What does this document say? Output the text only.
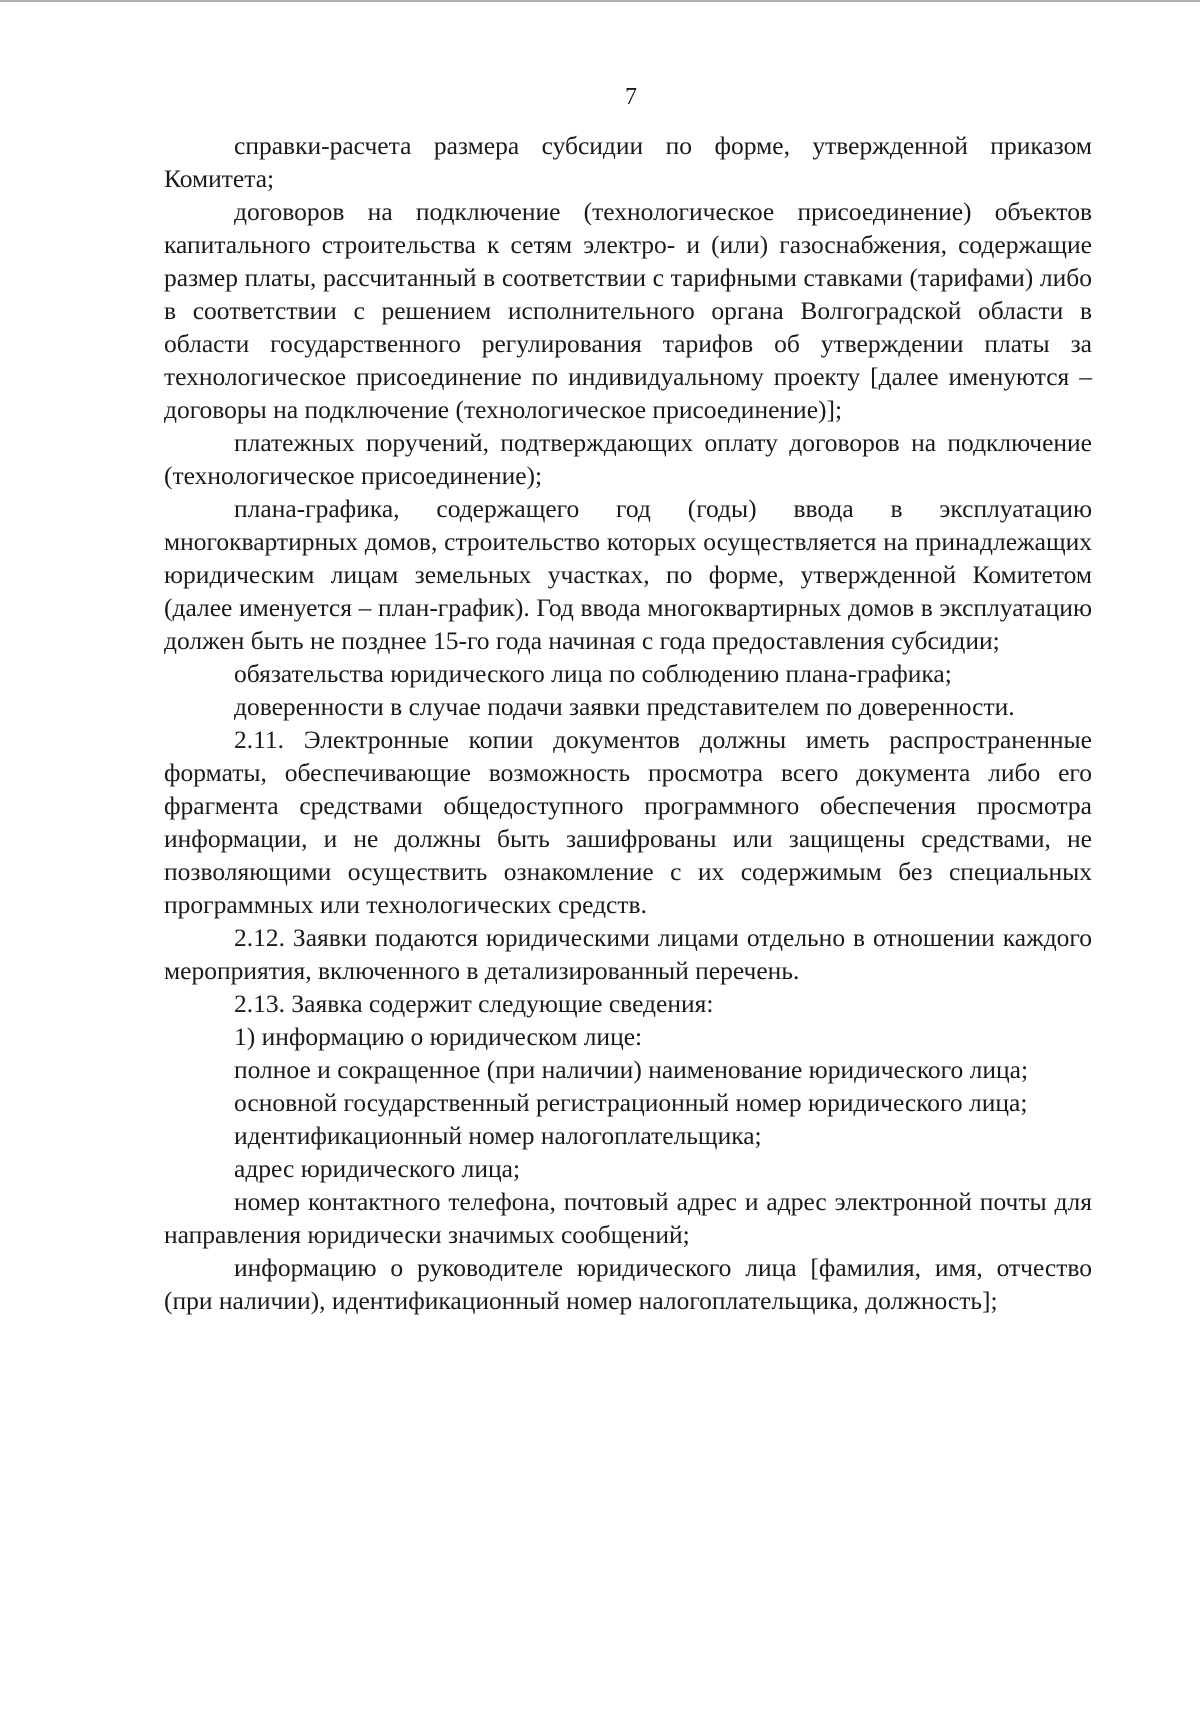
7

справки-расчета размера субсидии по форме, утвержденной приказом Комитета;

договоров на подключение (технологическое присоединение) объектов капитального строительства к сетям электро- и (или) газоснабжения, содержащие размер платы, рассчитанный в соответствии с тарифными ставками (тарифами) либо в соответствии с решением исполнительного органа Волгоградской области в области государственного регулирования тарифов об утверждении платы за технологическое присоединение по индивидуальному проекту [далее именуются – договоры на подключение (технологическое присоединение)];

платежных поручений, подтверждающих оплату договоров на подключение (технологическое присоединение);

плана-графика, содержащего год (годы) ввода в эксплуатацию многоквартирных домов, строительство которых осуществляется на принадлежащих юридическим лицам земельных участках, по форме, утвержденной Комитетом (далее именуется – план-график). Год ввода многоквартирных домов в эксплуатацию должен быть не позднее 15-го года начиная с года предоставления субсидии;

обязательства юридического лица по соблюдению плана-графика;

доверенности в случае подачи заявки представителем по доверенности.

2.11. Электронные копии документов должны иметь распространенные форматы, обеспечивающие возможность просмотра всего документа либо его фрагмента средствами общедоступного программного обеспечения просмотра информации, и не должны быть зашифрованы или защищены средствами, не позволяющими осуществить ознакомление с их содержимым без специальных программных или технологических средств.

2.12. Заявки подаются юридическими лицами отдельно в отношении каждого мероприятия, включенного в детализированный перечень.

2.13. Заявка содержит следующие сведения:

1) информацию о юридическом лице:

полное и сокращенное (при наличии) наименование юридического лица;

основной государственный регистрационный номер юридического лица;

идентификационный номер налогоплательщика;

адрес юридического лица;

номер контактного телефона, почтовый адрес и адрес электронной почты для направления юридически значимых сообщений;

информацию о руководителе юридического лица [фамилия, имя, отчество (при наличии), идентификационный номер налогоплательщика, должность];
